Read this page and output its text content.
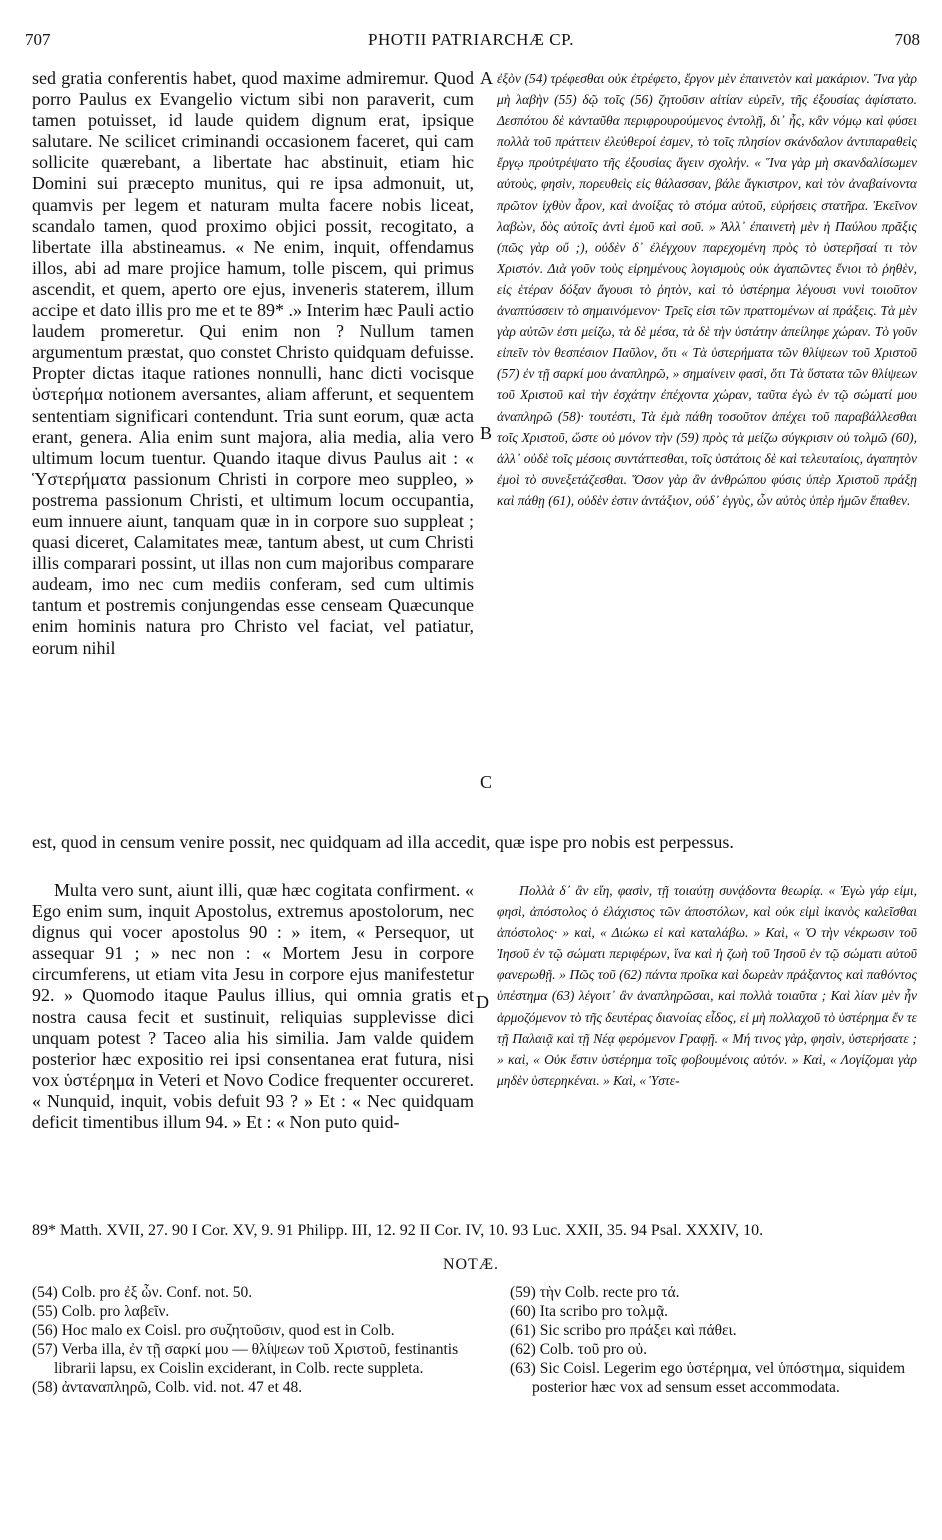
707	PHOTII PATRIARCHÆ CP.	708

sed gratia conferentis habet, quod maxime admiremur. Quod porro Paulus ex Evangelio victum sibi non paraverit, cum tamen potuisset, id laude quidem dignum erat, ipsique salutare. Ne scilicet criminandi occasionem faceret, qui cam sollicite quærebant, a libertate hac abstinuit, etiam hic Domini sui præcepto munitus, qui re ipsa admonuit, ut, quamvis per legem et naturam multa facere nobis liceat, scandalo tamen, quod proximo objici possit, recogitato, a libertate illa abstineamus. « Ne enim, inquit, offendamus illos, abi ad mare projice hamum, tolle piscem, qui primus ascendit, et quem, aperto ore ejus, inveneris staterem, illum accipe et dato illis pro me et te 89* .» Interim hæc Pauli actio laudem promeretur. Qui enim non ? Nullum tamen argumentum præstat, quo constet Christo quidquam defuisse. Propter dictas itaque rationes nonnulli, hanc dicti vocisque ὑστερήμα notionem aversantes, aliam afferunt, et sequentem sententiam significari contendunt. Tria sunt eorum, quæ acta erant, genera. Alia enim sunt majora, alia media, alia vero ultimum locum tuentur. Quando itaque divus Paulus ait : « Ὑστερήματα passionum Christi in corpore meo suppleo, » postrema passionum Christi, et ultimum locum occupantia, eum innuere aiunt, tanquam quæ in in corpore suo suppleat ; quasi diceret, Calamitates meæ, tantum abest, ut cum Christi illis comparari possint, ut illas non cum majoribus comparare audeam, imo nec cum mediis conferam, sed cum ultimis tantum et postremis conjungendas esse censeam Quæcunque enim hominis natura pro Christo vel faciat, vel patiatur, eorum nihil

ἐξὸν (54) τρέφεσθαι οὐκ ἐτρέφετο, ἔργον μὲν ἐπαινετὸν καὶ μακάριον. Ἵνα γὰρ μὴ λαβὴν (55) δῷ τοῖς (56) ζητοῦσιν αἰτίαν εὑρεῖν, τῆς ἐξουσίας ἀφίστατο. Δεσπότου δὲ κἀνταῦθα περιφρουρούμενος ἐντολῇ, δι᾽ ἧς, κἂν νόμῳ καὶ φύσει πολλὰ τοῦ πράττειν ἐλεύθεροί ἐσμεν, τὸ τοῖς πλησίον σκάνδαλον ἀντιπαραθεὶς ἔργῳ προὐτρέψατο τῆς ἐξουσίας ἄγειν σχολήν. « Ἵνα γὰρ μὴ σκανδαλίσωμεν αὐτοὺς, φησὶν, πορευθεὶς εἰς θάλασσαν, βάλε ἄγκιστρον, καὶ τὸν ἀναβαίνοντα πρῶτον ἰχθὺν ἆρον, καὶ ἀνοίξας τὸ στόμα αὐτοῦ, εὑρήσεις στατῆρα. Ἐκεῖνον λαβὼν, δὸς αὐτοῖς ἀντὶ ἐμοῦ καὶ σοῦ. » Ἀλλ᾽ ἐπαινετὴ μὲν ἡ Παύλου πρᾶξις (πῶς γὰρ οὔ ;), οὐδὲν δ᾽ ἐλέγχουν παρεχομένη πρὸς τὸ ὑστερῆσαί τι τὸν Χριστόν. Διὰ γοῦν τοὺς εἰρημένους λογισμοὺς οὐκ ἀγαπῶντες ἔνιοι τὸ ῥηθὲν, εἰς ἑτέραν δόξαν ἄγουσι τὸ ῥητὸν, καὶ τὸ ὑστέρημα λέγουσι νυνὶ τοιοῦτον ἀναπτύσσειν τὸ σημαινόμενον· Τρεῖς εἰσι τῶν πραττομένων αἱ πράξεις. Τὰ μὲν γὰρ αὐτῶν ἐστι μείζω, τὰ δὲ μέσα, τὰ δὲ τὴν ὑστάτην ἀπείληφε χώραν. Τὸ γοῦν εἰπεῖν τὸν θεσπέσιον Παῦλον, ὅτι « Τὰ ὑστερήματα τῶν θλίψεων τοῦ Χριστοῦ (57) ἐν τῇ σαρκί μου ἀναπληρῶ, » σημαίνειν φασὶ, ὅτι Τὰ ὕστατα τῶν θλίψεων τοῦ Χριστοῦ καὶ τὴν ἐσχάτην ἐπέχοντα χώραν, ταῦτα ἐγὼ ἐν τῷ σώματί μου ἀναπληρῶ (58)· τουτέστι, Τὰ ἐμὰ πάθη τοσοῦτον ἀπέχει τοῦ παραβάλλεσθαι τοῖς Χριστοῦ, ὥστε οὐ μόνον τὴν (59) πρὸς τὰ μείζω σύγκρισιν οὐ τολμῶ (60), ἀλλ᾽ οὐδὲ τοῖς μέσοις συντάττεσθαι, τοῖς ὑστάτοις δὲ καὶ τελευταίοις, ἀγαπητὸν ἐμοὶ τὸ συνεξετάζεσθαι. Ὅσον γὰρ ἂν ἀνθρώπου φύσις ὑπὲρ Χριστοῦ πράξῃ καὶ πάθῃ (61), οὐδὲν ἐστιν ἀντάξιον, οὐδ᾽ ἐγγὺς, ὧν αὐτὸς ὑπὲρ ἡμῶν ἔπαθεν.

A
B
C
D
est, quod in censum venire possit, nec quidquam ad illa accedit, quæ ispe pro nobis est perpessus.

Multa vero sunt, aiunt illi, quæ hæc cogitata confirment. « Ego enim sum, inquit Apostolus, extremus apostolorum, nec dignus qui vocer apostolus 90 : » item, « Persequor, ut assequar 91 ; » nec non : « Mortem Jesu in corpore circumferens, ut etiam vita Jesu in corpore ejus manifestetur 92. » Quomodo itaque Paulus illius, qui omnia gratis et nostra causa fecit et sustinuit, reliquias supplevisse dici unquam potest ? Taceo alia his similia. Jam valde quidem posterior hæc expositio rei ipsi consentanea erat futura, nisi vox ὑστέρημα in Veteri et Novo Codice frequenter occureret. « Nunquid, inquit, vobis defuit 93 ? » Et : « Nec quidquam deficit timentibus illum 94. » Et : « Non puto quid-

Πολλὰ δ᾽ ἂν εἴη, φασὶν, τῇ τοιαύτῃ συνᾴδοντα θεωρίᾳ. « Ἐγὼ γάρ εἰμι, φησὶ, ἀπόστολος ὁ ἐλάχιστος τῶν ἀποστόλων, καὶ οὐκ εἰμὶ ἱκανὸς καλεῖσθαι ἀπόστολος· » καὶ, « Διώκω εἰ καὶ καταλάβω. » Καὶ, « Ὁ τὴν νέκρωσιν τοῦ Ἰησοῦ ἐν τῷ σώματι περιφέρων, ἵνα καὶ ἡ ζωὴ τοῦ Ἰησοῦ ἐν τῷ σώματι αὐτοῦ φανερωθῇ. » Πῶς τοῦ (62) πάντα προῖκα καὶ δωρεὰν πράξαντος καὶ παθόντος ὑπέστημα (63) λέγοιτ᾽ ἂν ἀναπληρῶσαι, καὶ πολλὰ τοιαῦτα ; Καὶ λίαν μὲν ἦν ἁρμοζόμενον τὸ τῆς δευτέρας διανοίας εἶδος, εἰ μὴ πολλαχοῦ τὸ ὑστέρημα ἔν τε τῇ Παλαιᾷ καὶ τῇ Νέᾳ φερόμενον Γραφῇ. « Μή τινος γὰρ, φησὶν, ὑστερήσατε ; » καὶ, « Οὐκ ἔστιν ὑστέρημα τοῖς φοβουμένοις αὐτόν. » Καὶ, « Λογίζομαι γὰρ μηδὲν ὑστερηκέναι. » Καὶ, « Ὑστε-

89* Matth. XVII, 27. 90 I Cor. XV, 9. 91 Philipp. III, 12. 92 II Cor. IV, 10. 93 Luc. XXII, 35. 94 Psal. XXXIV, 10.

NOTÆ.

(54) Colb. pro ἐξ ὧν. Conf. not. 50.

(55) Colb. pro λαβεῖν.

(56) Hoc malo ex Coisl. pro συζητοῦσιν, quod est in Colb.

(57) Verba illa, ἐν τῇ σαρκί μου — θλίψεων τοῦ Χριστοῦ, festinantis librarii lapsu, ex Coislin exciderant, in Colb. recte suppleta.

(58) ἀνταναπληρῶ, Colb. vid. not. 47 et 48.

(59) τὴν Colb. recte pro τά.

(60) Ita scribo pro τολμᾷ.

(61) Sic scribo pro πράξει καὶ πάθει.

(62) Colb. τοῦ pro οὐ.

(63) Sic Coisl. Legerim ego ὑστέρημα, vel ὑπόστημα, siquidem posterior hæc vox ad sensum esset accommodata.
